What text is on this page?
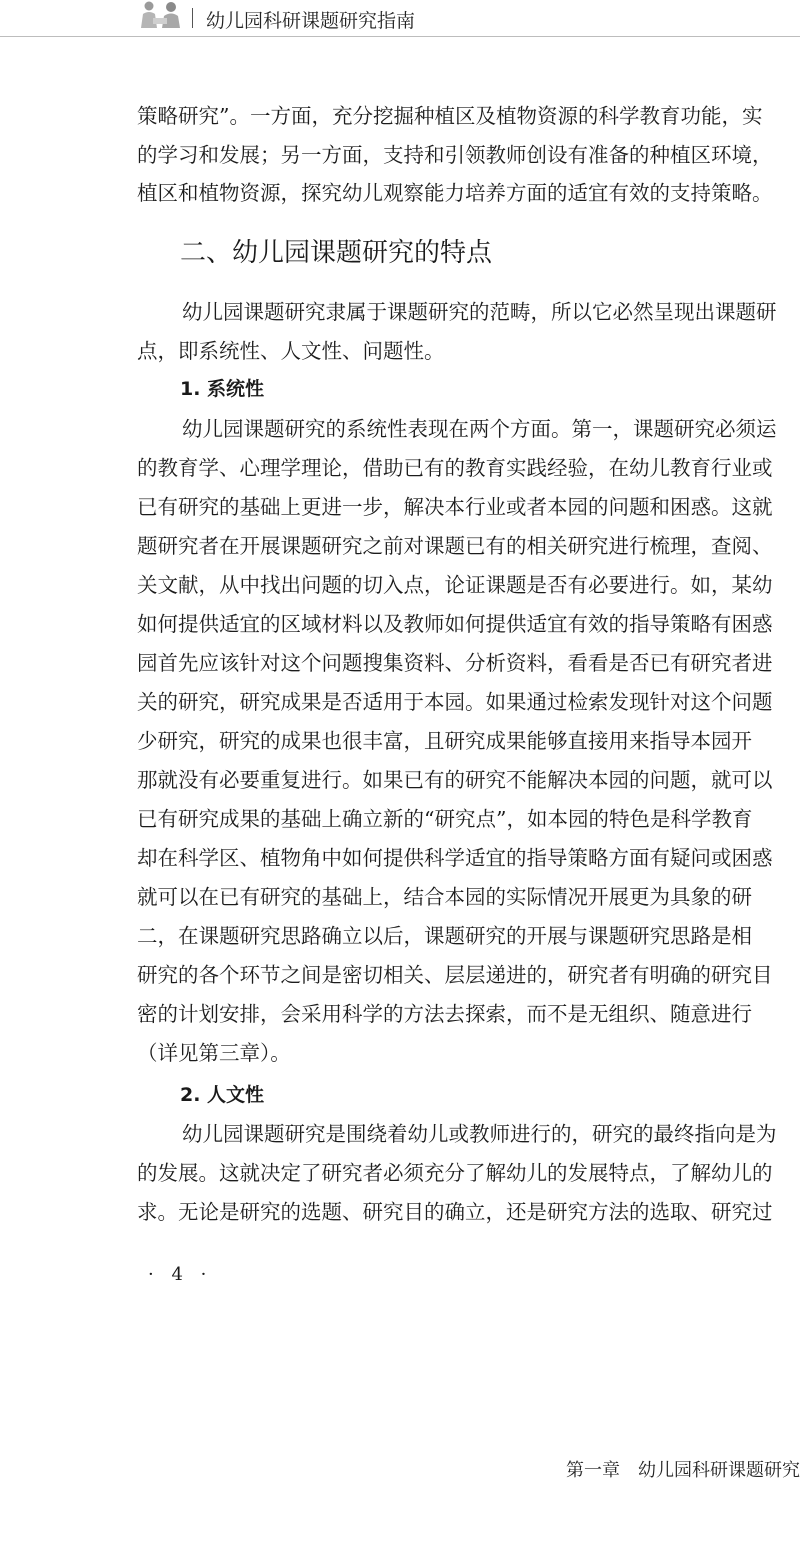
幼儿园科研课题研究指南
策略研究”。一方面，充分挖掘种植区及植物资源的科学教育功能，实
的学习和发展；另一方面，支持和引领教师创设有准备的种植区环境，
植区和植物资源，探究幼儿观察能力培养方面的适宜有效的支持策略。
二、幼儿园课题研究的特点
幼儿园课题研究隶属于课题研究的范畴，所以它必然呈现出课题研
点，即系统性、人文性、问题性。
1. 系统性
幼儿园课题研究的系统性表现在两个方面。第一，课题研究必须运
的教育学、心理学理论，借助已有的教育实践经验，在幼儿教育行业或
已有研究的基础上更进一步，解决本行业或者本园的问题和困惑。这就
题研究者在开展课题研究之前对课题已有的相关研究进行梳理，查阅、
关文献，从中找出问题的切入点，论证课题是否有必要进行。如，某幼
如何提供适宜的区域材料以及教师如何提供适宜有效的指导策略有困惑
园首先应该针对这个问题搜集资料、分析资料，看看是否已有研究者进
关的研究，研究成果是否适用于本园。如果通过检索发现针对这个问题
少研究，研究的成果也很丰富，且研究成果能够直接用来指导本园开
那就没有必要重复进行。如果已有的研究不能解决本园的问题，就可以
已有研究成果的基础上确立新的“研究点”，如本园的特色是科学教育
却在科学区、植物角中如何提供科学适宜的指导策略方面有疑问或困惑
就可以在已有研究的基础上，结合本园的实际情况开展更为具象的研
二，在课题研究思路确立以后，课题研究的开展与课题研究思路是相
研究的各个环节之间是密切相关、层层递进的，研究者有明确的研究目
密的计划安排，会采用科学的方法去探索，而不是无组织、随意进行
（详见第三章）。
2. 人文性
幼儿园课题研究是围绕着幼儿或教师进行的，研究的最终指向是为
的发展。这就决定了研究者必须充分了解幼儿的发展特点，了解幼儿的
求。无论是研究的选题、研究目的确立，还是研究方法的选取、研究过
· 4 ·
第一章　幼儿园科研课题研究
